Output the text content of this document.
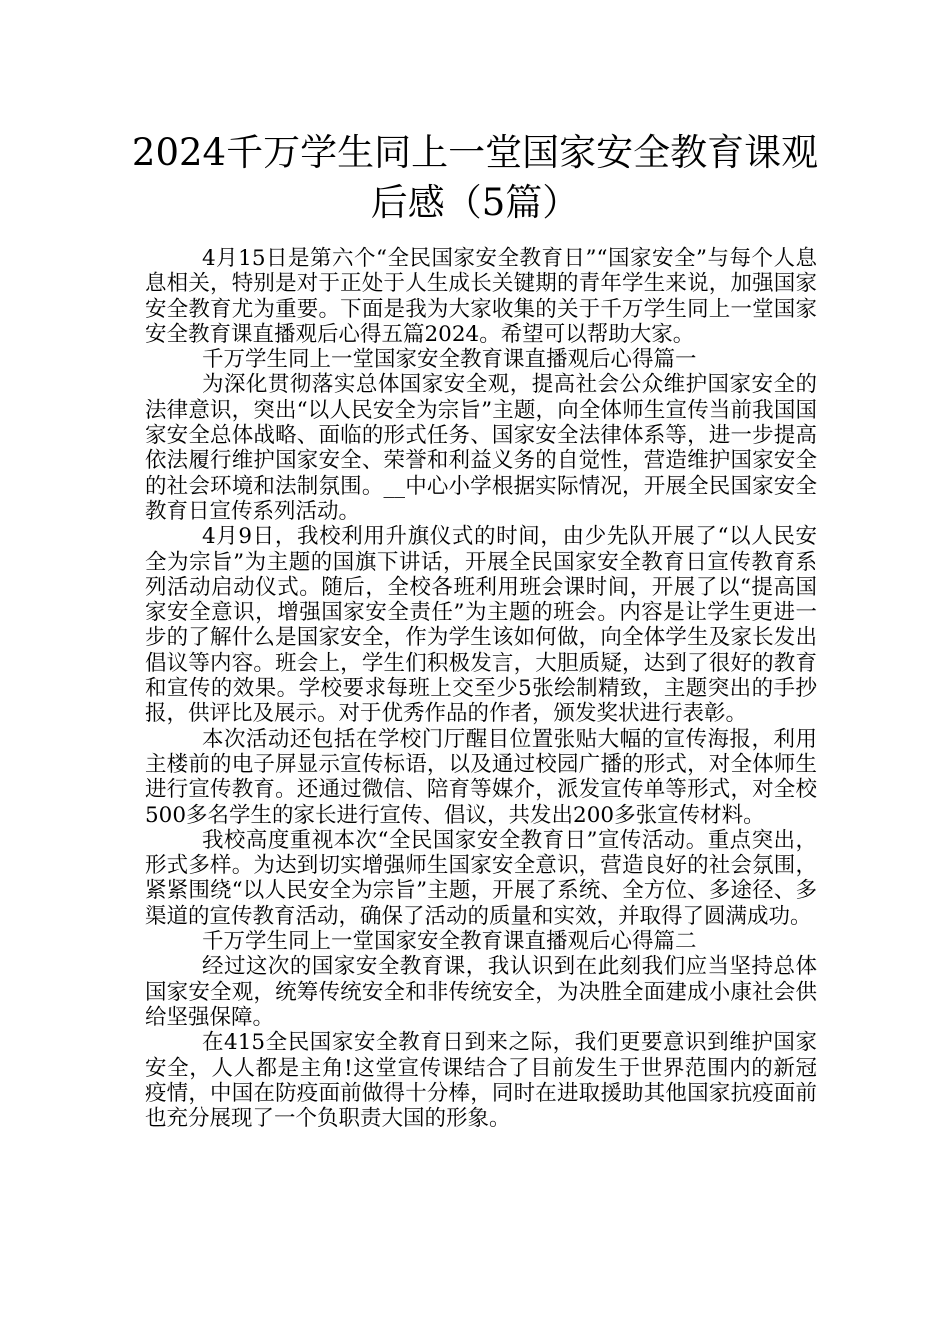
2024千万学生同上一堂国家安全教育课观
后感（5篇）

4月15日是第六个“全民国家安全教育日”“国家安全”与每个人息息相关，特别是对于正处于人生成长关键期的青年学生来说，加强国家安全教育尤为重要。下面是我为大家收集的关于千万学生同上一堂国家安全教育课直播观后心得五篇2024。希望可以帮助大家。

千万学生同上一堂国家安全教育课直播观后心得篇一

为深化贯彻落实总体国家安全观，提高社会公众维护国家安全的法律意识，突出“以人民安全为宗旨”主题，向全体师生宣传当前我国国家安全总体战略、面临的形式任务、国家安全法律体系等，进一步提高依法履行维护国家安全、荣誉和利益义务的自觉性，营造维护国家安全的社会环境和法制氛围。__中心小学根据实际情况，开展全民国家安全教育日宣传系列活动。

4月9日，我校利用升旗仪式的时间，由少先队开展了“以人民安全为宗旨”为主题的国旗下讲话，开展全民国家安全教育日宣传教育系列活动启动仪式。随后，全校各班利用班会课时间，开展了以“提高国家安全意识，增强国家安全责任”为主题的班会。内容是让学生更进一步的了解什么是国家安全，作为学生该如何做，向全体学生及家长发出倡议等内容。班会上，学生们积极发言，大胆质疑，达到了很好的教育和宣传的效果。学校要求每班上交至少5张绘制精致，主题突出的手抄报，供评比及展示。对于优秀作品的作者，颁发奖状进行表彰。

本次活动还包括在学校门厅醒目位置张贴大幅的宣传海报，利用主楼前的电子屏显示宣传标语，以及通过校园广播的形式，对全体师生进行宣传教育。还通过微信、陪育等媒介，派发宣传单等形式，对全校500多名学生的家长进行宣传、倡议，共发出200多张宣传材料。

我校高度重视本次“全民国家安全教育日”宣传活动。重点突出，形式多样。为达到切实增强师生国家安全意识，营造良好的社会氛围，紧紧围绕“以人民安全为宗旨”主题，开展了系统、全方位、多途径、多渠道的宣传教育活动，确保了活动的质量和实效，并取得了圆满成功。

千万学生同上一堂国家安全教育课直播观后心得篇二

经过这次的国家安全教育课，我认识到在此刻我们应当坚持总体国家安全观，统筹传统安全和非传统安全，为决胜全面建成小康社会供给坚强保障。

在415全民国家安全教育日到来之际，我们更要意识到维护国家安全，人人都是主角!这堂宣传课结合了目前发生于世界范围内的新冠疫情，中国在防疫面前做得十分棒，同时在进取援助其他国家抗疫面前也充分展现了一个负职责大国的形象。
